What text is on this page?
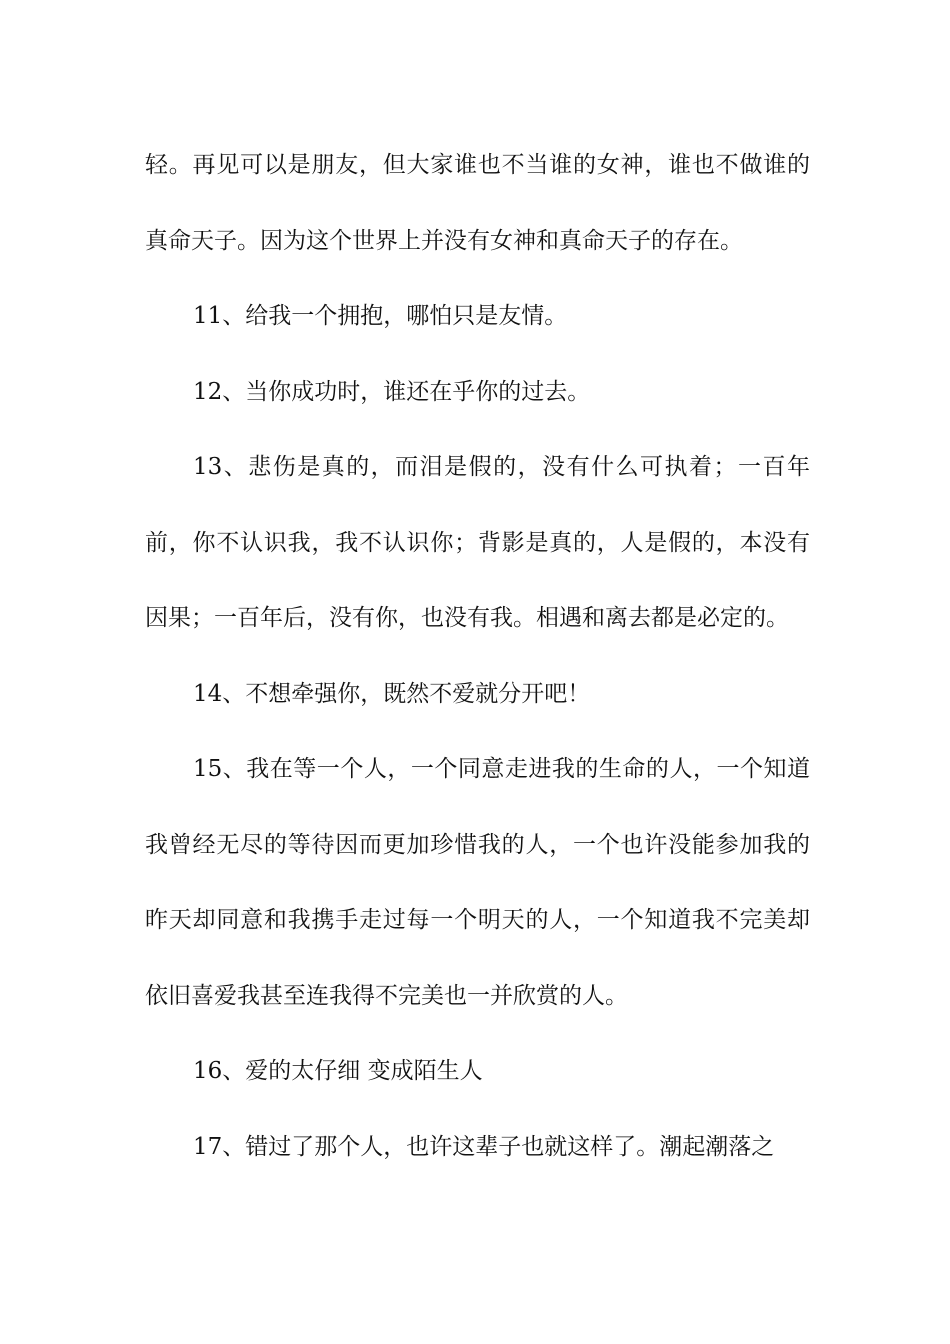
轻。再见可以是朋友，但大家谁也不当谁的女神，谁也不做谁的真命天子。因为这个世界上并没有女神和真命天子的存在。

11、给我一个拥抱，哪怕只是友情。

12、当你成功时，谁还在乎你的过去。

13、悲伤是真的，而泪是假的，没有什么可执着；一百年前，你不认识我，我不认识你；背影是真的，人是假的，本没有因果；一百年后，没有你，也没有我。相遇和离去都是必定的。

14、不想牵强你，既然不爱就分开吧！

15、我在等一个人，一个同意走进我的生命的人，一个知道我曾经无尽的等待因而更加珍惜我的人，一个也许没能参加我的昨天却同意和我携手走过每一个明天的人，一个知道我不完美却依旧喜爱我甚至连我得不完美也一并欣赏的人。

16、爱的太仔细 变成陌生人

17、错过了那个人，也许这辈子也就这样了。潮起潮落之
